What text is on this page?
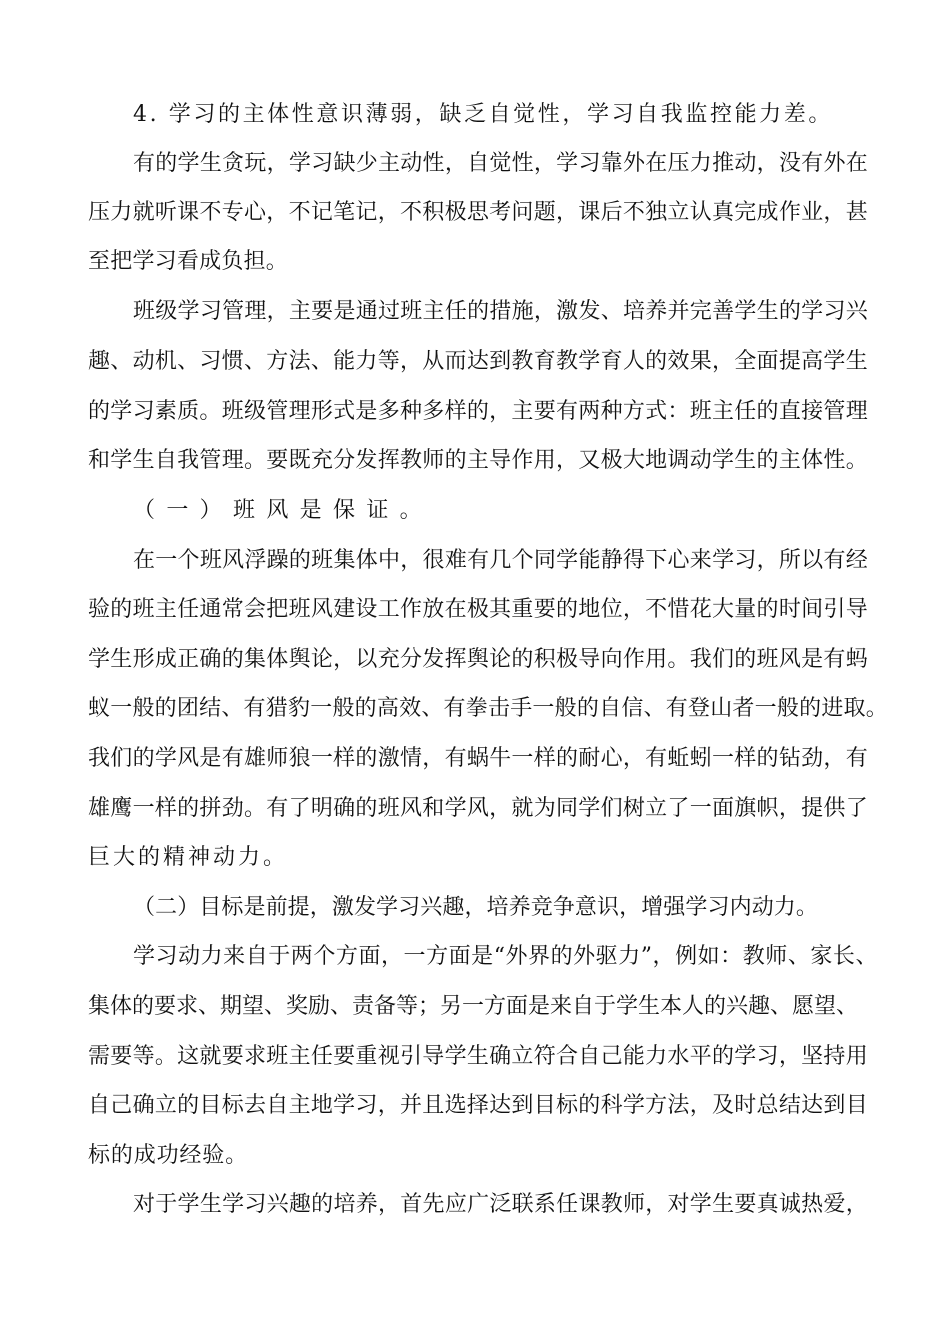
4. 学习的主体性意识薄弱，缺乏自觉性，学习自我监控能力差。
有的学生贪玩，学习缺少主动性，自觉性，学习靠外在压力推动，没有外在
压力就听课不专心，不记笔记，不积极思考问题，课后不独立认真完成作业，甚
至把学习看成负担。
班级学习管理，主要是通过班主任的措施，激发、培养并完善学生的学习兴
趣、动机、习惯、方法、能力等，从而达到教育教学育人的效果，全面提高学生
的学习素质。班级管理形式是多种多样的，主要有两种方式：班主任的直接管理
和学生自我管理。要既充分发挥教师的主导作用，又极大地调动学生的主体性。
（一）班风是保证。
在一个班风浮躁的班集体中，很难有几个同学能静得下心来学习，所以有经
验的班主任通常会把班风建设工作放在极其重要的地位，不惜花大量的时间引导
学生形成正确的集体舆论，以充分发挥舆论的积极导向作用。我们的班风是有蚂
蚁一般的团结、有猎豹一般的高效、有拳击手一般的自信、有登山者一般的进取。
我们的学风是有雄师狼一样的激情，有蜗牛一样的耐心，有蚯蚓一样的钻劲，有
雄鹰一样的拼劲。有了明确的班风和学风，就为同学们树立了一面旗帜，提供了
巨大的精神动力。
（二）目标是前提，激发学习兴趣，培养竞争意识，增强学习内动力。
学习动力来自于两个方面，一方面是“外界的外驱力”，例如：教师、家长、
集体的要求、期望、奖励、责备等；另一方面是来自于学生本人的兴趣、愿望、
需要等。这就要求班主任要重视引导学生确立符合自己能力水平的学习，坚持用
自己确立的目标去自主地学习，并且选择达到目标的科学方法，及时总结达到目
标的成功经验。
对于学生学习兴趣的培养，首先应广泛联系任课教师，对学生要真诚热爱，
